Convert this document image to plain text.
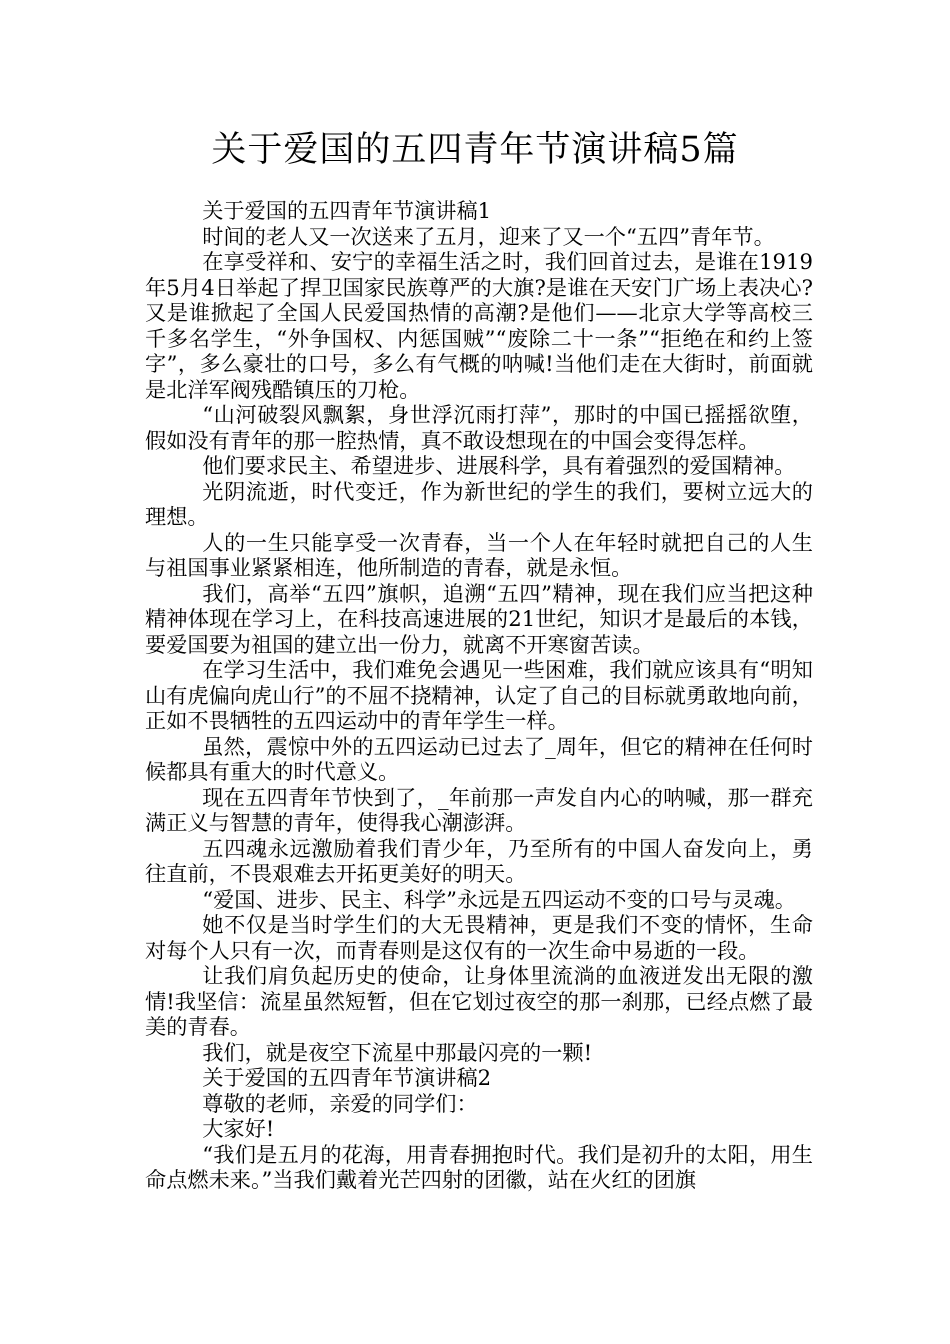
关于爱国的五四青年节演讲稿5篇

关于爱国的五四青年节演讲稿1

时间的老人又一次送来了五月，迎来了又一个“五四”青年节。

在享受祥和、安宁的幸福生活之时，我们回首过去，是谁在1919年5月4日举起了捍卫国家民族尊严的大旗?是谁在天安门广场上表决心?又是谁掀起了全国人民爱国热情的高潮?是他们——北京大学等高校三千多名学生，“外争国权、内惩国贼”“废除二十一条”“拒绝在和约上签字”，多么豪壮的口号，多么有气概的呐喊!当他们走在大街时，前面就是北洋军阀残酷镇压的刀枪。

“山河破裂风飘絮，身世浮沉雨打萍”，那时的中国已摇摇欲堕，假如没有青年的那一腔热情，真不敢设想现在的中国会变得怎样。

他们要求民主、希望进步、进展科学，具有着强烈的爱国精神。

光阴流逝，时代变迁，作为新世纪的学生的我们，要树立远大的理想。

人的一生只能享受一次青春，当一个人在年轻时就把自己的人生与祖国事业紧紧相连，他所制造的青春，就是永恒。

我们，高举“五四”旗帜，追溯“五四”精神，现在我们应当把这种精神体现在学习上，在科技高速进展的21世纪，知识才是最后的本钱，要爱国要为祖国的建立出一份力，就离不开寒窗苦读。

在学习生活中，我们难免会遇见一些困难，我们就应该具有“明知山有虎偏向虎山行”的不屈不挠精神，认定了自己的目标就勇敢地向前，正如不畏牺牲的五四运动中的青年学生一样。

虽然，震惊中外的五四运动已过去了_周年，但它的精神在任何时候都具有重大的时代意义。

现在五四青年节快到了，_年前那一声发自内心的呐喊，那一群充满正义与智慧的青年，使得我心潮澎湃。

五四魂永远激励着我们青少年，乃至所有的中国人奋发向上，勇往直前，不畏艰难去开拓更美好的明天。

“爱国、进步、民主、科学”永远是五四运动不变的口号与灵魂。

她不仅是当时学生们的大无畏精神，更是我们不变的情怀，生命对每个人只有一次，而青春则是这仅有的一次生命中易逝的一段。

让我们肩负起历史的使命，让身体里流淌的血液迸发出无限的激情!我坚信：流星虽然短暂，但在它划过夜空的那一刹那，已经点燃了最美的青春。

我们，就是夜空下流星中那最闪亮的一颗!

关于爱国的五四青年节演讲稿2

尊敬的老师，亲爱的同学们：

大家好!

“我们是五月的花海，用青春拥抱时代。我们是初升的太阳，用生命点燃未来。”当我们戴着光芒四射的团徽，站在火红的团旗
